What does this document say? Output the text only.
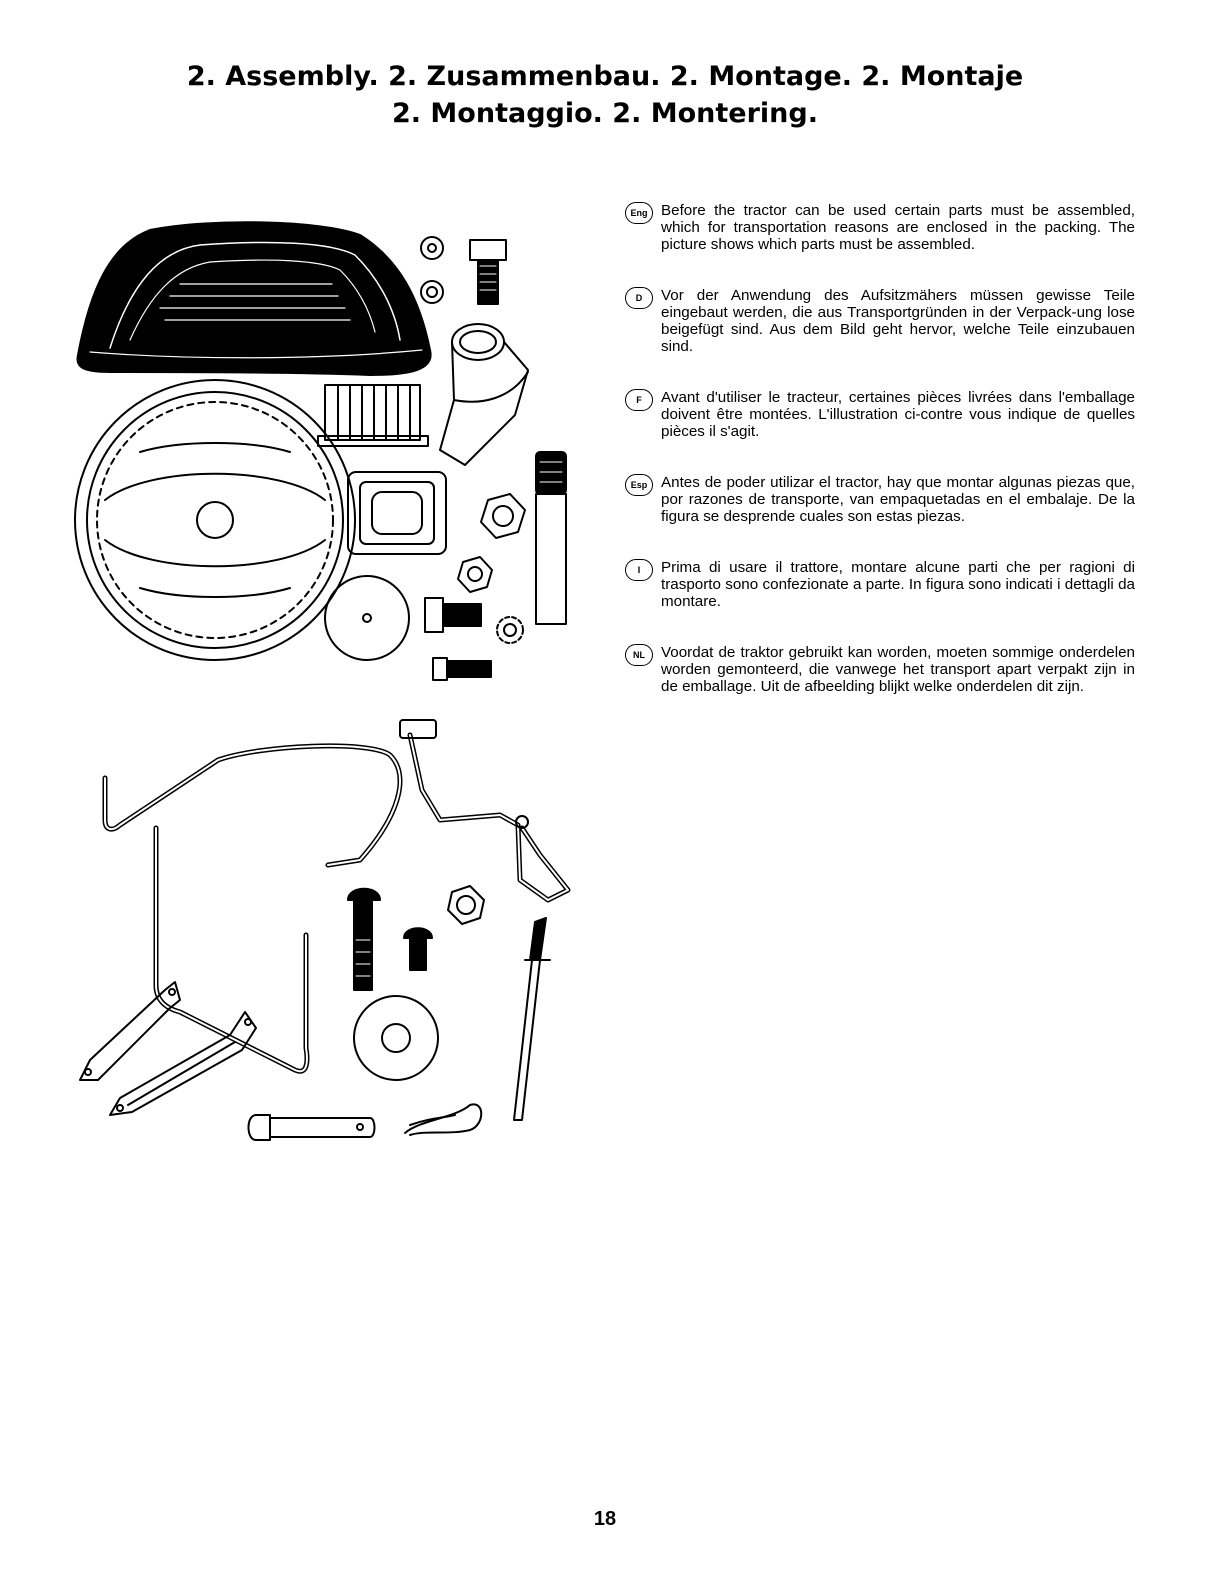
2. Assembly. 2. Zusammenbau. 2. Montage. 2. Montaje
2. Montaggio. 2. Montering.
Eng Before the tractor can be used certain parts must be assembled, which for transportation reasons are enclosed in the packing. The picture shows which parts must be assembled.

D	Vor der Anwendung des Aufsitzmähers müssen gewisse Teile eingebaut werden, die aus Transportgründen in der Verpack-ung lose beigefügt sind. Aus dem Bild geht hervor, welche Teile einzubauen sind.

F	Avant d'utiliser le tracteur, certaines pièces livrées dans l'emballage doivent être montées. L'illustration ci-contre vous indique de quelles pièces il s'agit.

Esp Antes de poder utilizar el tractor, hay que montar algunas piezas que, por razones de transporte, van empaquetadas en el embalaje. De la figura se desprende cuales son estas piezas.

I	Prima di usare il trattore, montare alcune parti che per ragioni di trasporto sono confezionate a parte. In figura sono indicati i dettagli da montare.

NL	Voordat de traktor gebruikt kan worden, moeten sommige onderdelen worden gemonteerd, die vanwege het transport apart verpakt zijn in de emballage. Uit de afbeelding blijkt welke onderdelen dit zijn.

18
